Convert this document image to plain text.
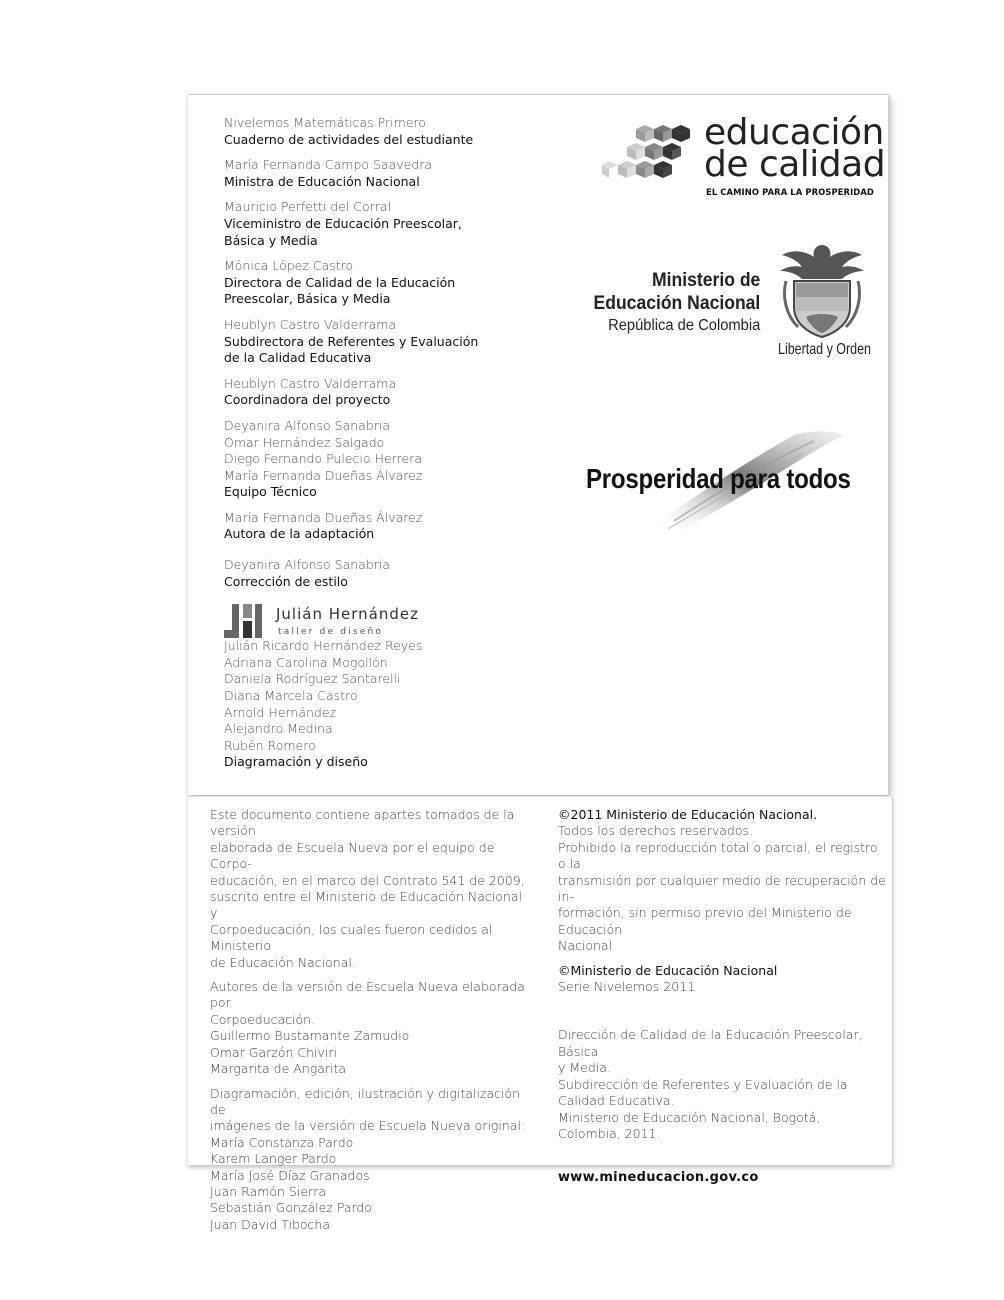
Nivelemos Matemáticas Primero
Cuaderno de actividades del estudiante
María Fernanda Campo Saavedra
Ministra de Educación Nacional
Mauricio Perfetti del Corral
Viceministro de Educación Preescolar,
Básica y Media
Mónica López Castro
Directora de Calidad de la Educación
Preescolar, Básica y Media
Heublyn Castro Valderrama
Subdirectora de Referentes y Evaluación
de la Calidad Educativa
Heublyn Castro Valderrama
Coordinadora del proyecto
Deyanira Alfonso Sanabria
Omar Hernández Salgado
Diego Fernando Pulecio Herrera
María Fernanda Dueñas Álvarez
Equipo Técnico
María Fernanda Dueñas Álvarez
Autora de la adaptación
Deyanira Alfonso Sanabria
Corrección de estilo
Julián Hernández
taller de diseño
Julián Ricardo Hernández Reyes
Adriana Carolina Mogollón
Daniela Rodríguez Santarelli
Diana Marcela Castro
Arnold Hernández
Alejandro Medina
Rubén Romero
Diagramación y diseño
educación
de calidad
EL CAMINO PARA LA PROSPERIDAD
Ministerio de
Educación Nacional
República de Colombia
Libertad y Orden
Prosperidad para todos

Este documento contiene apartes tomados de la versión
elaborada de Escuela Nueva por el equipo de Corpo-
educación, en el marco del Contrato 541 de 2009,
suscrito entre el Ministerio de Educación Nacional y
Corpoeducación, los cuales fueron cedidos al Ministerio
de Educación Nacional.

Autores de la versión de Escuela Nueva elaborada por
Corpoeducación.
Guillermo Bustamante Zamudio
Omar Garzón Chiviri
Margarita de Angarita

Diagramación, edición, ilustración y digitalización de
imágenes de la versión de Escuela Nueva original:
María Constanza Pardo
Karem Langer Pardo
María José Díaz Granados
Juan Ramón Sierra
Sebastián González Pardo
Juan David Tibocha

©2011 Ministerio de Educación Nacional.

Todos los derechos reservados.
Prohibido la reproducción total o parcial, el registro o la
transmisión por cualquier medio de recuperación de in-
formación, sin permiso previo del Ministerio de Educación
Nacional.

©Ministerio de Educación Nacional
Serie Nivelemos 2011

Dirección de Calidad de la Educación Preescolar, Básica
y Media.
Subdirección de Referentes y Evaluación de la
Calidad Educativa.
Ministerio de Educación Nacional, Bogotá,
Colombia, 2011.

www.mineducacion.gov.co
